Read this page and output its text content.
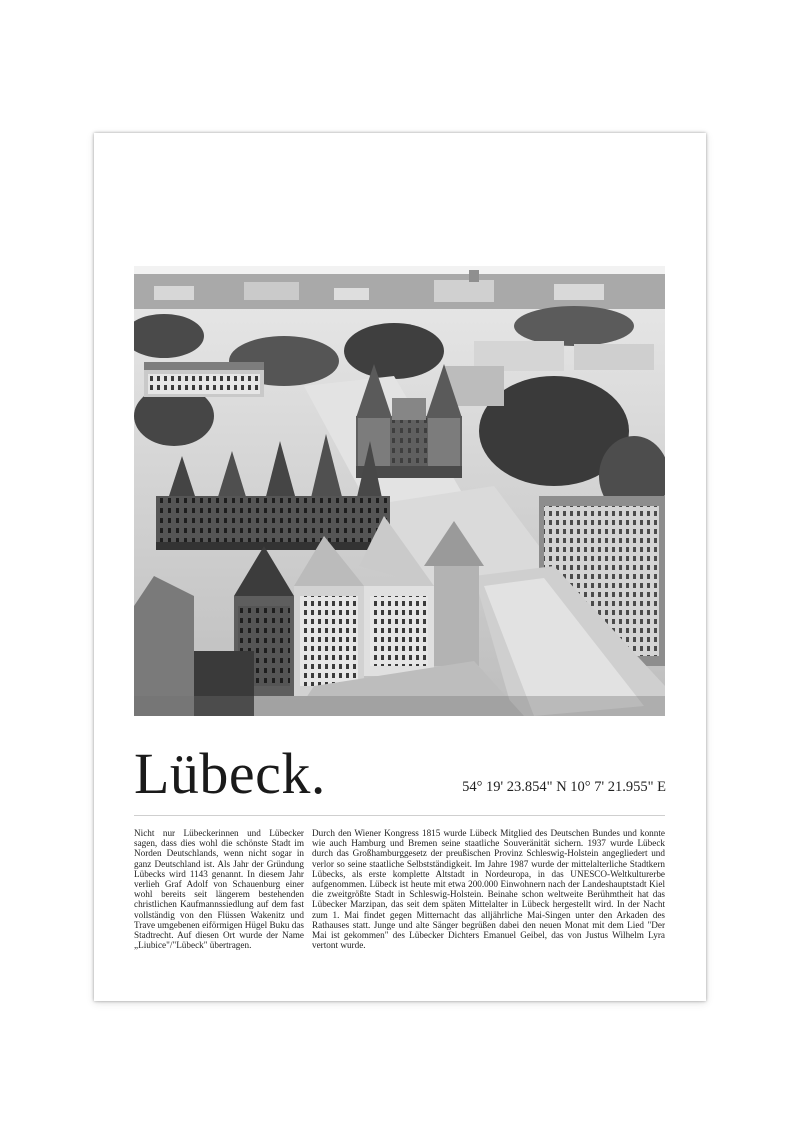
Lübeck.	54° 19' 23.854" N 10° 7' 21.955" E
Nicht nur Lübeckerinnen und Lübecker sagen, dass dies wohl die schönste Stadt im Norden Deutschlands, wenn nicht sogar in ganz Deutschland ist. Als Jahr der Gründung Lübecks wird 1143 genannt. In diesem Jahr verlieh Graf Adolf von Schauenburg einer wohl bereits seit längerem bestehenden christlichen Kaufmannssiedlung auf dem fast vollständig von den Flüssen Wakenitz und Trave umgebenen eiförmigen Hügel Buku das Stadtrecht. Auf diesen Ort wurde der Name „Liubice"/"Lübeck" übertragen.
Durch den Wiener Kongress 1815 wurde Lübeck Mitglied des Deutschen Bundes und konnte wie auch Hamburg und Bremen seine staatliche Souveränität sichern. 1937 wurde Lübeck durch das Großhamburggesetz der preußischen Provinz Schleswig-Holstein angegliedert und verlor so seine staatliche Selbstständigkeit. Im Jahre 1987 wurde der mittelalterliche Stadtkern Lübecks, als erste komplette Altstadt in Nordeuropa, in das UNESCO-Weltkulturerbe aufgenommen. Lübeck ist heute mit etwa 200.000 Einwohnern nach der Landeshauptstadt Kiel die zweitgrößte Stadt in Schleswig-Holstein. Beinahe schon weltweite Berühmtheit hat das Lübecker Marzipan, das seit dem späten Mittelalter in Lübeck hergestellt wird. In der Nacht zum 1. Mai findet gegen Mitternacht das alljährliche Mai-Singen unter den Arkaden des Rathauses statt. Junge und alte Sänger begrüßen dabei den neuen Monat mit dem Lied "Der Mai ist gekommen" des Lübecker Dichters Emanuel Geibel, das von Justus Wilhelm Lyra vertont wurde.
